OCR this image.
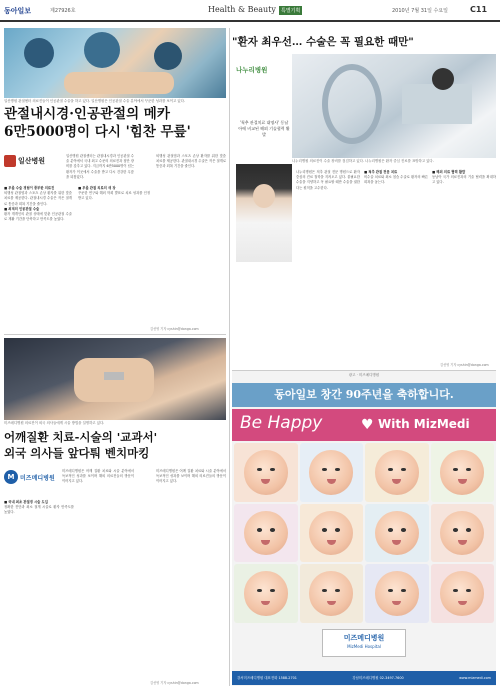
동아일보	제27926호	Health & Beauty	특별기획	2010년 7월 31일 수요일	C11
일산병원 관절센터 의료진들이 인공관절 수술을 하고 있다. 일산병원은 인공관절 수술 분야에서 꾸준한 성과를 보이고 있다.
관절내시경·인공관절의 메카
6만5000명이 다시 '힘찬 무릎'
일산병원
일산병원 관절센터는 관절내시경과 인공관절 수술 분야에서 국내 최고 수준의 의료진과 첨단 장비를 갖추고 있다. 지금까지 6만5000명이 넘는 환자가 이곳에서 수술을 받고 다시 건강한 무릎을 되찾았다.
■ 무릎 수술 경험이 풍부한 의료진
퇴행성 관절염과 스포츠 손상 환자를 위한 맞춤 치료를 제공한다. 관절내시경 수술은 작은 절개로 통증과 회복 기간을 줄인다.
■ 최적의 인공관절 수술
환자 개개인의 관절 상태에 맞춘 인공관절 수술로 재활 기간을 단축하고 만족도를 높였다.
■ 무릎 관절 치료의 새 장
꾸준한 연구와 해외 학회 발표로 치료 성과를 인정받고 있다.
퇴행성 관절염과 스포츠 손상 환자를 위한 맞춤 치료를 제공한다. 관절내시경 수술은 작은 절개로 통증과 회복 기간을 줄인다.
김선영 기자 cyshin@donga.com
미즈메디병원 의료진이 외국 의사들에게 시술 방법을 설명하고 있다.
어깨질환 치료-시술의 '교과서'
외국 의사들 앞다퉈 벤치마킹
M 미즈메디병원
미즈메디병원은 어깨 질환 치료와 시술 분야에서 독보적인 성과를 보이며 해외 의료진들의 방문이 이어지고 있다.
■ 국내 최초 관절경 시술 도입
정확한 진단과 최소 절개 시술로 환자 만족도를 높였다.
미즈메디병원은 어깨 질환 치료와 시술 분야에서 독보적인 성과를 보이며 해외 의료진들의 방문이 이어지고 있다.
김선영 기자 cyshin@donga.com
"환자 최우선… 수술은 꼭 필요한 때만"
나누리병원
나누리병원 의료진이 수술 장비를 점검하고 있다. 나누리병원은 환자 중심 진료를 표방하고 있다.
'척추 관절치료 대명사' 동남아에 비교된 해외 기술협력 활발
나누리병원은 척추 관절 전문 병원으로 환자 중심의 진료 철학을 지켜오고 있다. 불필요한 수술을 지양하고 꼭 필요할 때만 수술을 권한다는 원칙을 고수한다.
■ 척추 관절 전문 치료
비수술 치료와 최소 침습 수술로 환자의 빠른 회복을 돕는다.
■ 해외 의료 협력 활발
동남아 국가 의료진과의 기술 협력을 확대하고 있다.
김선영 기자 cyshin@donga.com
광고 · 미즈메디병원
동아일보 창간 90주년을 축하합니다.
Be Happy	♥ With MizMedi
미즈메디병원
MizMedi Hospital
강서미즈메디병원 대표전화 1588-2701	강남미즈메디병원 02-3497-7600	www.mizmedi.com
